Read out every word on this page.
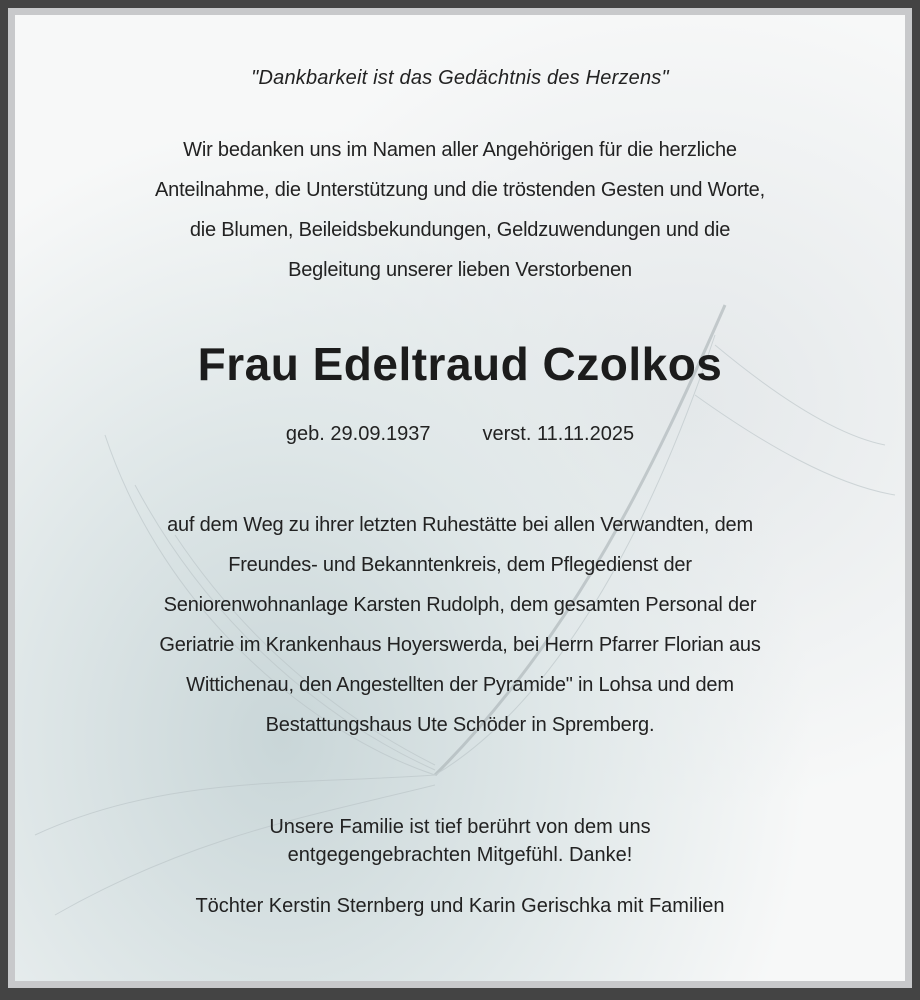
"Dankbarkeit ist das Gedächtnis des Herzens"
Wir bedanken uns im Namen aller Angehörigen für die herzliche
Anteilnahme, die Unterstützung und die tröstenden Gesten und Worte,
die Blumen, Beileidsbekundungen, Geldzuwendungen und die
Begleitung unserer lieben Verstorbenen
Frau Edeltraud Czolkos
geb. 29.09.1937	verst. 11.11.2025
auf dem Weg zu ihrer letzten Ruhestätte bei allen Verwandten, dem
Freundes- und Bekanntenkreis, dem Pflegedienst der
Seniorenwohnanlage Karsten Rudolph, dem gesamten Personal der
Geriatrie im Krankenhaus Hoyerswerda, bei Herrn Pfarrer Florian aus
Wittichenau, den Angestellten der Pyramide" in Lohsa und dem
Bestattungshaus Ute Schöder in Spremberg.
Unsere Familie ist tief berührt von dem uns
entgegengebrachten Mitgefühl. Danke!
Töchter Kerstin Sternberg und Karin Gerischka mit Familien
